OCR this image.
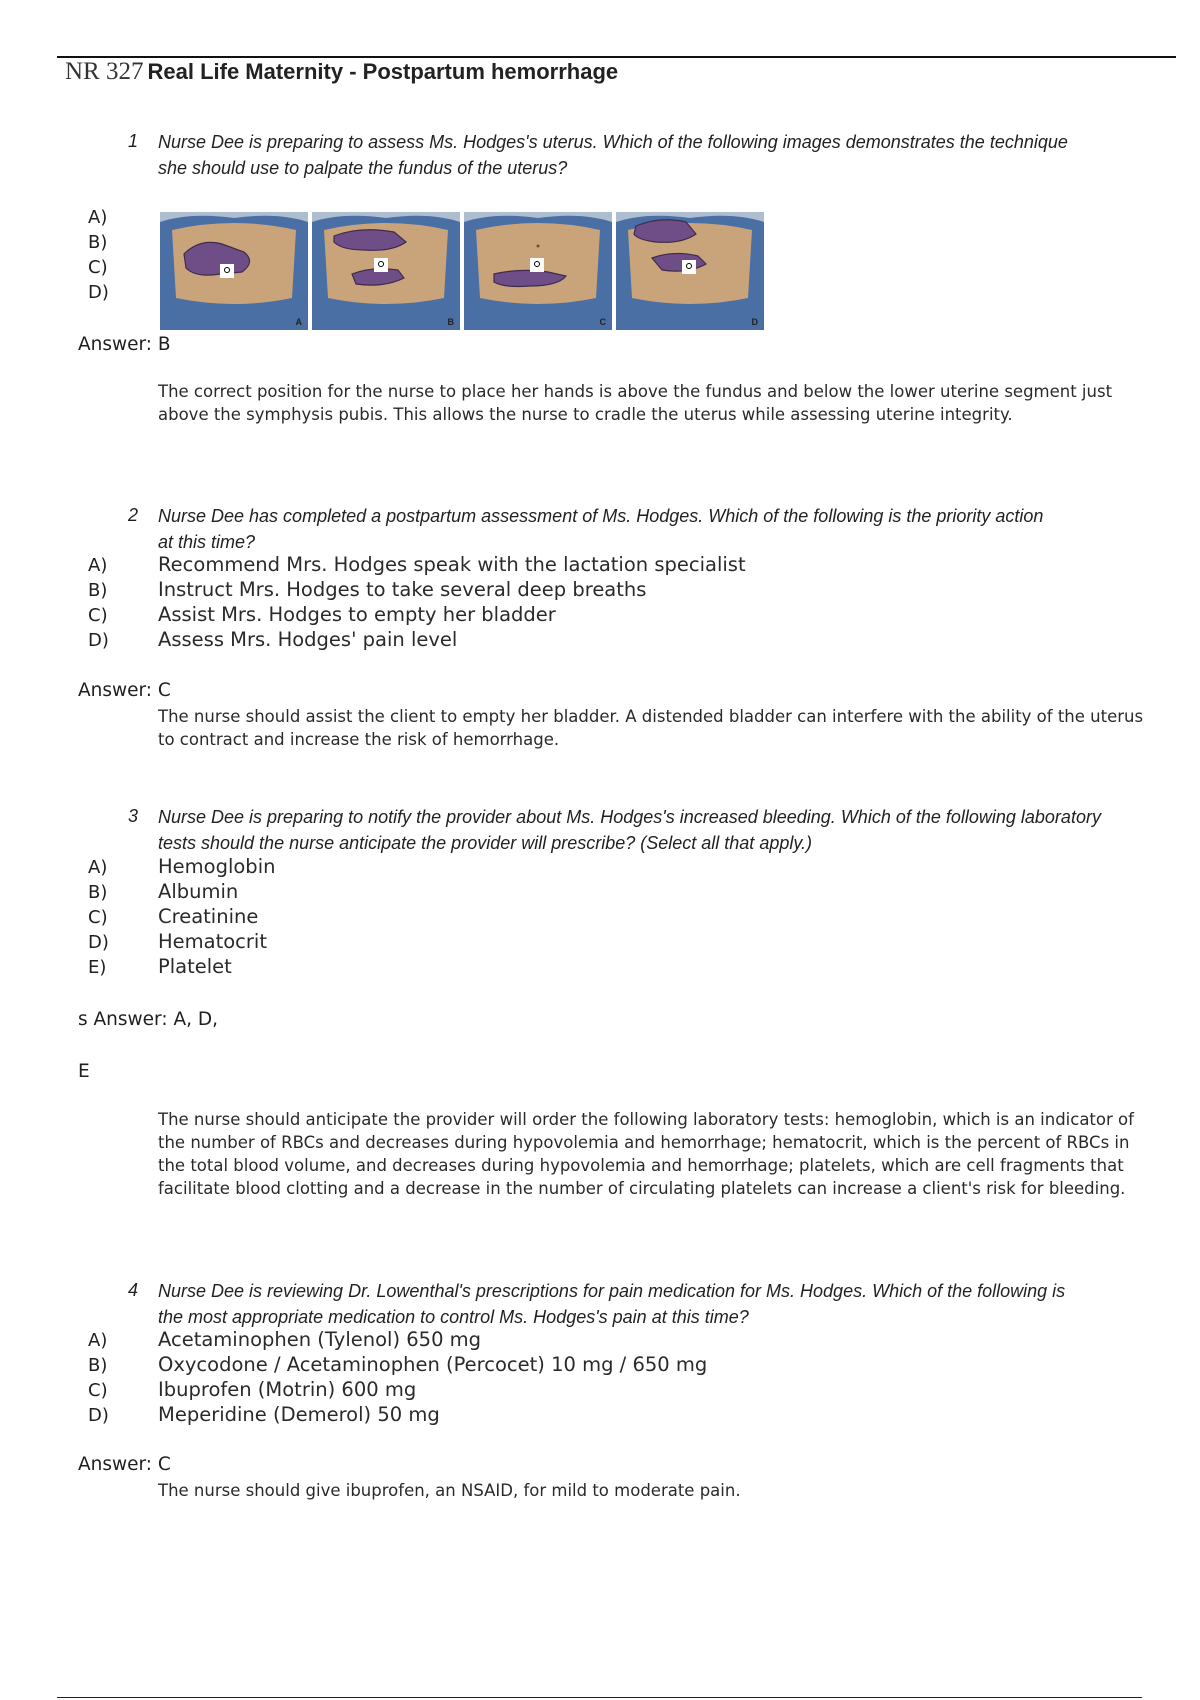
NR 327 Real Life Maternity - Postpartum hemorrhage
1 Nurse Dee is preparing to assess Ms. Hodges's uterus. Which of the following images demonstrates the technique she should use to palpate the fundus of the uterus?
A)
B)
C)
D)
A	B	C	D
Answer: B
The correct position for the nurse to place her hands is above the fundus and below the lower uterine segment just above the symphysis pubis. This allows the nurse to cradle the uterus while assessing uterine integrity.
2 Nurse Dee has completed a postpartum assessment of Ms. Hodges. Which of the following is the priority action at this time?
A)	Recommend Mrs. Hodges speak with the lactation specialist
B)	Instruct Mrs. Hodges to take several deep breaths
C)	Assist Mrs. Hodges to empty her bladder
D)	Assess Mrs. Hodges' pain level
Answer: C
The nurse should assist the client to empty her bladder. A distended bladder can interfere with the ability of the uterus to contract and increase the risk of hemorrhage.
3 Nurse Dee is preparing to notify the provider about Ms. Hodges's increased bleeding. Which of the following laboratory tests should the nurse anticipate the provider will prescribe? (Select all that apply.)
A)	Hemoglobin
B)	Albumin
C)	Creatinine
D)	Hematocrit
E)	Platelet
s Answer: A, D,
E
The nurse should anticipate the provider will order the following laboratory tests: hemoglobin, which is an indicator of the number of RBCs and decreases during hypovolemia and hemorrhage; hematocrit, which is the percent of RBCs in the total blood volume, and decreases during hypovolemia and hemorrhage; platelets, which are cell fragments that facilitate blood clotting and a decrease in the number of circulating platelets can increase a client's risk for bleeding.
4 Nurse Dee is reviewing Dr. Lowenthal's prescriptions for pain medication for Ms. Hodges. Which of the following is the most appropriate medication to control Ms. Hodges's pain at this time?
A)	Acetaminophen (Tylenol) 650 mg
B)	Oxycodone / Acetaminophen (Percocet) 10 mg / 650 mg
C)	Ibuprofen (Motrin) 600 mg
D)	Meperidine (Demerol) 50 mg
Answer: C
The nurse should give ibuprofen, an NSAID, for mild to moderate pain.
